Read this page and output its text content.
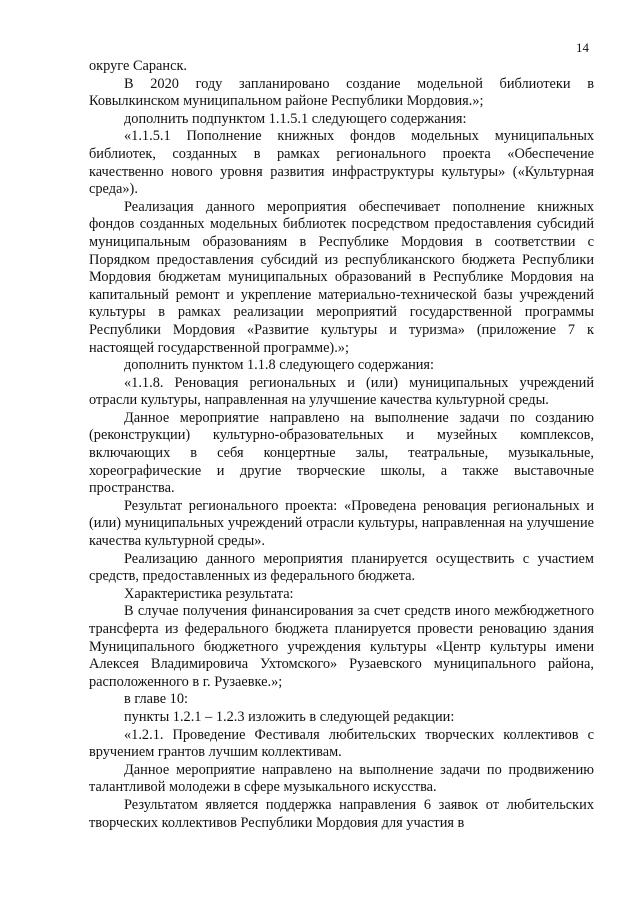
14

округе Саранск.

В 2020 году запланировано создание модельной библиотеки в Ковылкинском муниципальном районе Республики Мордовия.»;

дополнить подпунктом 1.1.5.1 следующего содержания:

«1.1.5.1 Пополнение книжных фондов модельных муниципальных библиотек, созданных в рамках регионального проекта «Обеспечение качественно нового уровня развития инфраструктуры культуры» («Культурная среда»).

Реализация данного мероприятия обеспечивает пополнение книжных фондов созданных модельных библиотек посредством предоставления субсидий муниципальным образованиям в Республике Мордовия в соответствии с Порядком предоставления субсидий из республиканского бюджета Республики Мордовия бюджетам муниципальных образований в Республике Мордовия на капитальный ремонт и укрепление материально-технической базы учреждений культуры в рамках реализации мероприятий государственной программы Республики Мордовия «Развитие культуры и туризма» (приложение 7 к настоящей государственной программе).»;

дополнить пунктом 1.1.8 следующего содержания:

«1.1.8. Реновация региональных и (или) муниципальных учреждений отрасли культуры, направленная на улучшение качества культурной среды.

Данное мероприятие направлено на выполнение задачи по созданию (реконструкции) культурно-образовательных и музейных комплексов, включающих в себя концертные залы, театральные, музыкальные, хореографические и другие творческие школы, а также выставочные пространства.

Результат регионального проекта: «Проведена реновация региональных и (или) муниципальных учреждений отрасли культуры, направленная на улучшение качества культурной среды».

Реализацию данного мероприятия планируется осуществить с участием средств, предоставленных из федерального бюджета.

Характеристика результата:

В случае получения финансирования за счет средств иного межбюджетного трансферта из федерального бюджета планируется провести реновацию здания Муниципального бюджетного учреждения культуры «Центр культуры имени Алексея Владимировича Ухтомского» Рузаевского муниципального района, расположенного в г. Рузаевке.»;

в главе 10:

пункты 1.2.1 – 1.2.3 изложить в следующей редакции:

«1.2.1. Проведение Фестиваля любительских творческих коллективов с вручением грантов лучшим коллективам.

Данное мероприятие направлено на выполнение задачи по продвижению талантливой молодежи в сфере музыкального искусства.

Результатом является поддержка направления 6 заявок от любительских творческих коллективов Республики Мордовия для участия в
